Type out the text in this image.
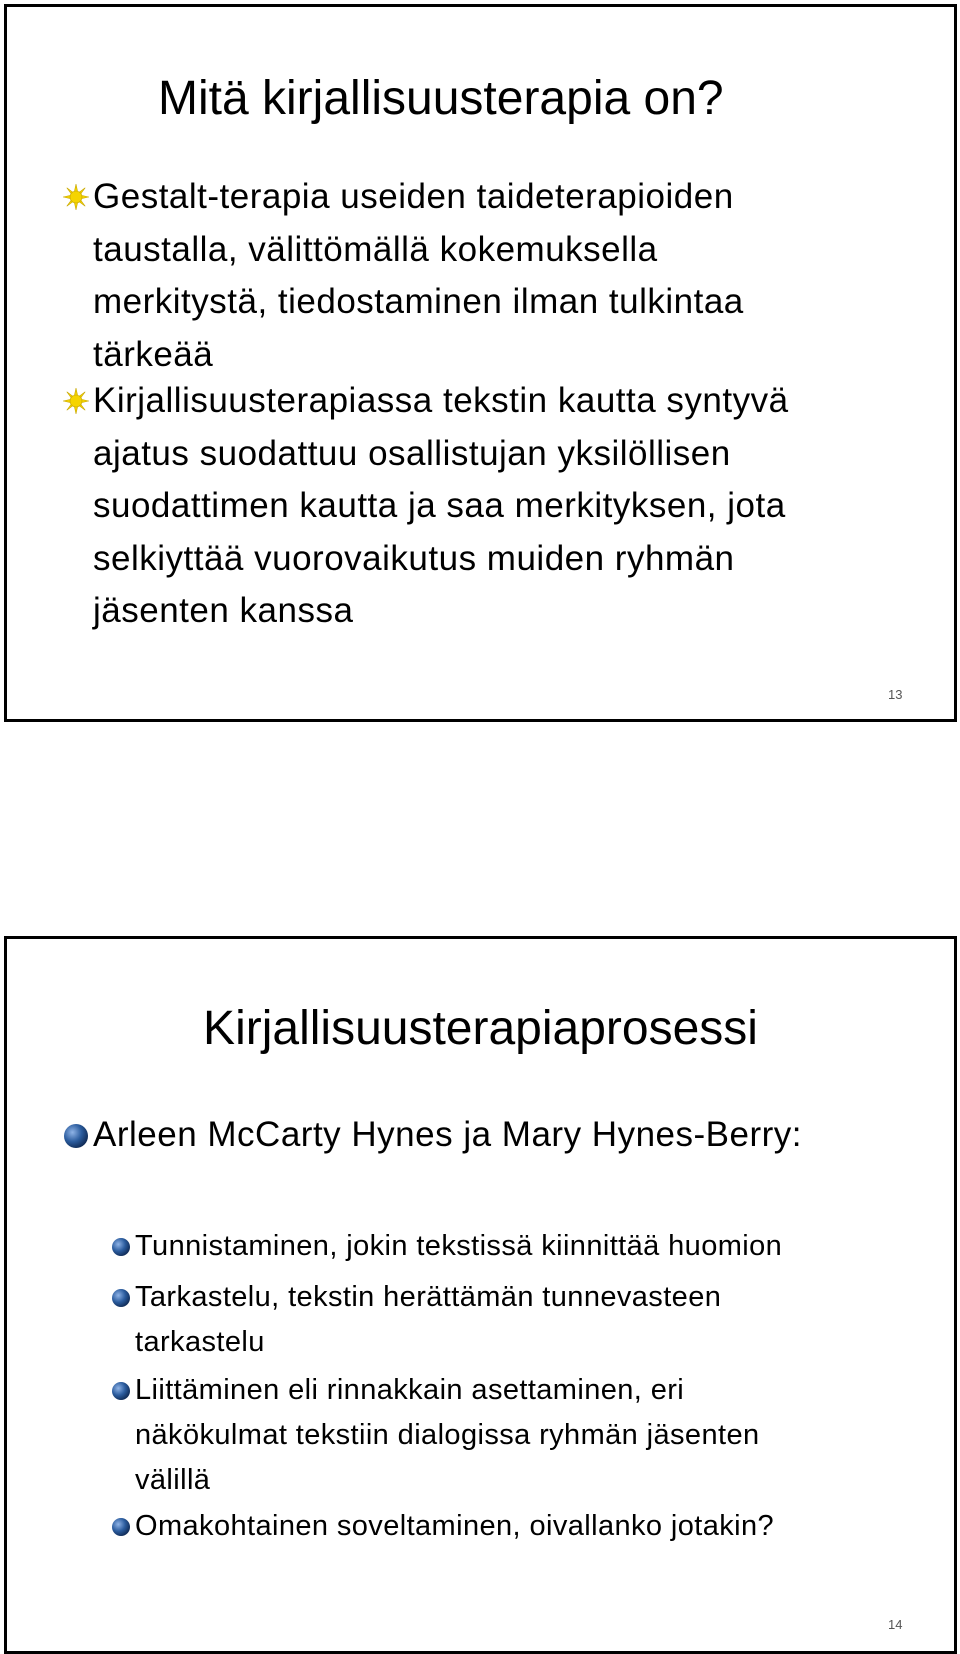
Mitä kirjallisuusterapia on?
Gestalt-terapia useiden taideterapioiden
taustalla, välittömällä kokemuksella
merkitystä, tiedostaminen ilman tulkintaa
tärkeää
Kirjallisuusterapiassa tekstin kautta syntyvä
ajatus suodattuu osallistujan yksilöllisen
suodattimen kautta ja saa merkityksen, jota
selkiyttää vuorovaikutus muiden ryhmän
jäsenten kanssa
13
Kirjallisuusterapiaprosessi
Arleen McCarty Hynes ja Mary Hynes-Berry:
Tunnistaminen, jokin tekstissä kiinnittää huomion
Tarkastelu, tekstin herättämän tunnevasteen
tarkastelu
Liittäminen eli rinnakkain asettaminen, eri
näkökulmat tekstiin dialogissa ryhmän jäsenten
välillä
Omakohtainen soveltaminen, oivallanko jotakin?
14
